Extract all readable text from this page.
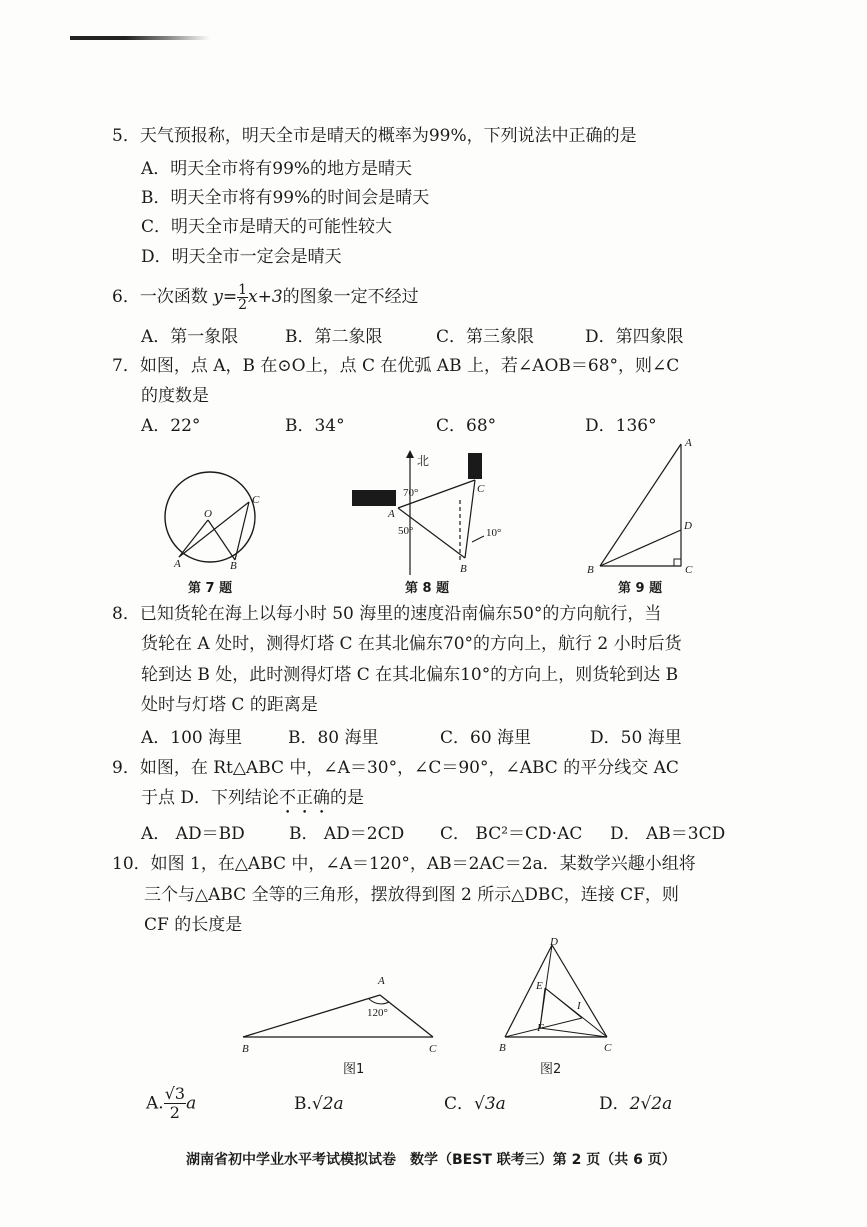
5．天气预报称，明天全市是晴天的概率为99%，下列说法中正确的是
A．明天全市将有99%的地方是晴天
B．明天全市将有99%的时间会是晴天
C．明天全市是晴天的可能性较大
D．明天全市一定会是晴天
6．一次函数 $y= \frac{1}{2} x+3$的图象一定不经过
A．第一象限	B．第二象限	C．第三象限	D．第四象限
7．如图，点 A，B 在⊙O上，点 C 在优弧 AB 上，若∠AOB＝68°，则∠C
的度数是
A．22°	B．34°	C．68°	D．136°
O
A	B
C
第 7 题
北
70°
50°	10°
A
B
C
第 8 题
A
B	C
D
第 9 题
8．已知货轮在海上以每小时 50 海里的速度沿南偏东50°的方向航行，当
货轮在 A 处时，测得灯塔 C 在其北偏东70°的方向上，航行 2 小时后货
轮到达 B 处，此时测得灯塔 C 在其北偏东10°的方向上，则货轮到达 B
处时与灯塔 C 的距离是
A．100 海里	B．80 海里	C．60 海里	D．50 海里
9．如图，在 Rt△ABC 中，∠A＝30°，∠C＝90°，∠ABC 的平分线交 AC
于点 D．下列结论不正确的是
A． AD＝BD	B． AD＝2CD C． BC²＝CD·AC D． AB＝3CD
10．如图 1，在△ABC 中，∠A＝120°，AB＝2AC＝2a．某数学兴趣小组将
三个与△ABC 全等的三角形，摆放得到图 2 所示△DBC，连接 CF，则
CF 的长度是
A
B	C
120°
图1
D
E
F
I
B	C
图2
A. $\frac{√3}{2}$ a	B.√2a	C．√3a	D．2√2a
湖南省初中学业水平考试模拟试卷　数学（BEST 联考三）第 2 页（共 6 页）
